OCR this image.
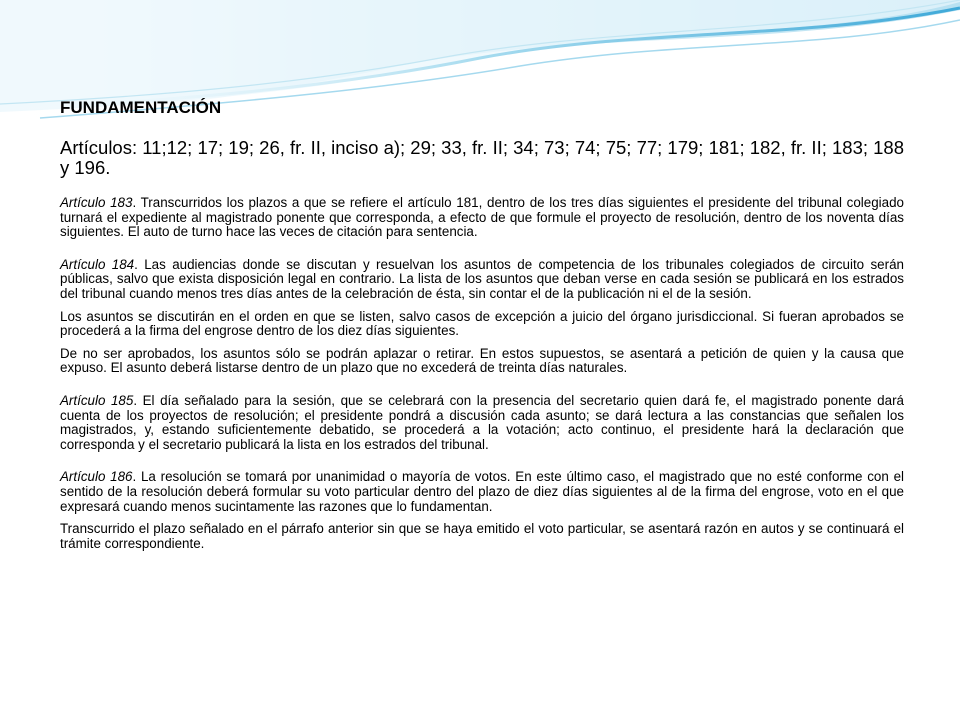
FUNDAMENTACIÓN
Artículos: 11;12; 17; 19; 26, fr. II, inciso a); 29; 33, fr. II; 34; 73; 74; 75; 77; 179; 181; 182, fr. II; 183; 188 y 196.

Artículo 183. Transcurridos los plazos a que se refiere el artículo 181, dentro de los tres días siguientes el presidente del tribunal colegiado turnará el expediente al magistrado ponente que corresponda, a efecto de que formule el proyecto de resolución, dentro de los noventa días siguientes. El auto de turno hace las veces de citación para sentencia.

Artículo 184. Las audiencias donde se discutan y resuelvan los asuntos de competencia de los tribunales colegiados de circuito serán públicas, salvo que exista disposición legal en contrario. La lista de los asuntos que deban verse en cada sesión se publicará en los estrados del tribunal cuando menos tres días antes de la celebración de ésta, sin contar el de la publicación ni el de la sesión.

Los asuntos se discutirán en el orden en que se listen, salvo casos de excepción a juicio del órgano jurisdiccional. Si fueran aprobados se procederá a la firma del engrose dentro de los diez días siguientes.

De no ser aprobados, los asuntos sólo se podrán aplazar o retirar. En estos supuestos, se asentará a petición de quien y la causa que expuso. El asunto deberá listarse dentro de un plazo que no excederá de treinta días naturales.

Artículo 185. El día señalado para la sesión, que se celebrará con la presencia del secretario quien dará fe, el magistrado ponente dará cuenta de los proyectos de resolución; el presidente pondrá a discusión cada asunto; se dará lectura a las constancias que señalen los magistrados, y, estando suficientemente debatido, se procederá a la votación; acto continuo, el presidente hará la declaración que corresponda y el secretario publicará la lista en los estrados del tribunal.

Artículo 186. La resolución se tomará por unanimidad o mayoría de votos. En este último caso, el magistrado que no esté conforme con el sentido de la resolución deberá formular su voto particular dentro del plazo de diez días siguientes al de la firma del engrose, voto en el que expresará cuando menos sucintamente las razones que lo fundamentan.

Transcurrido el plazo señalado en el párrafo anterior sin que se haya emitido el voto particular, se asentará razón en autos y se continuará el trámite correspondiente.
